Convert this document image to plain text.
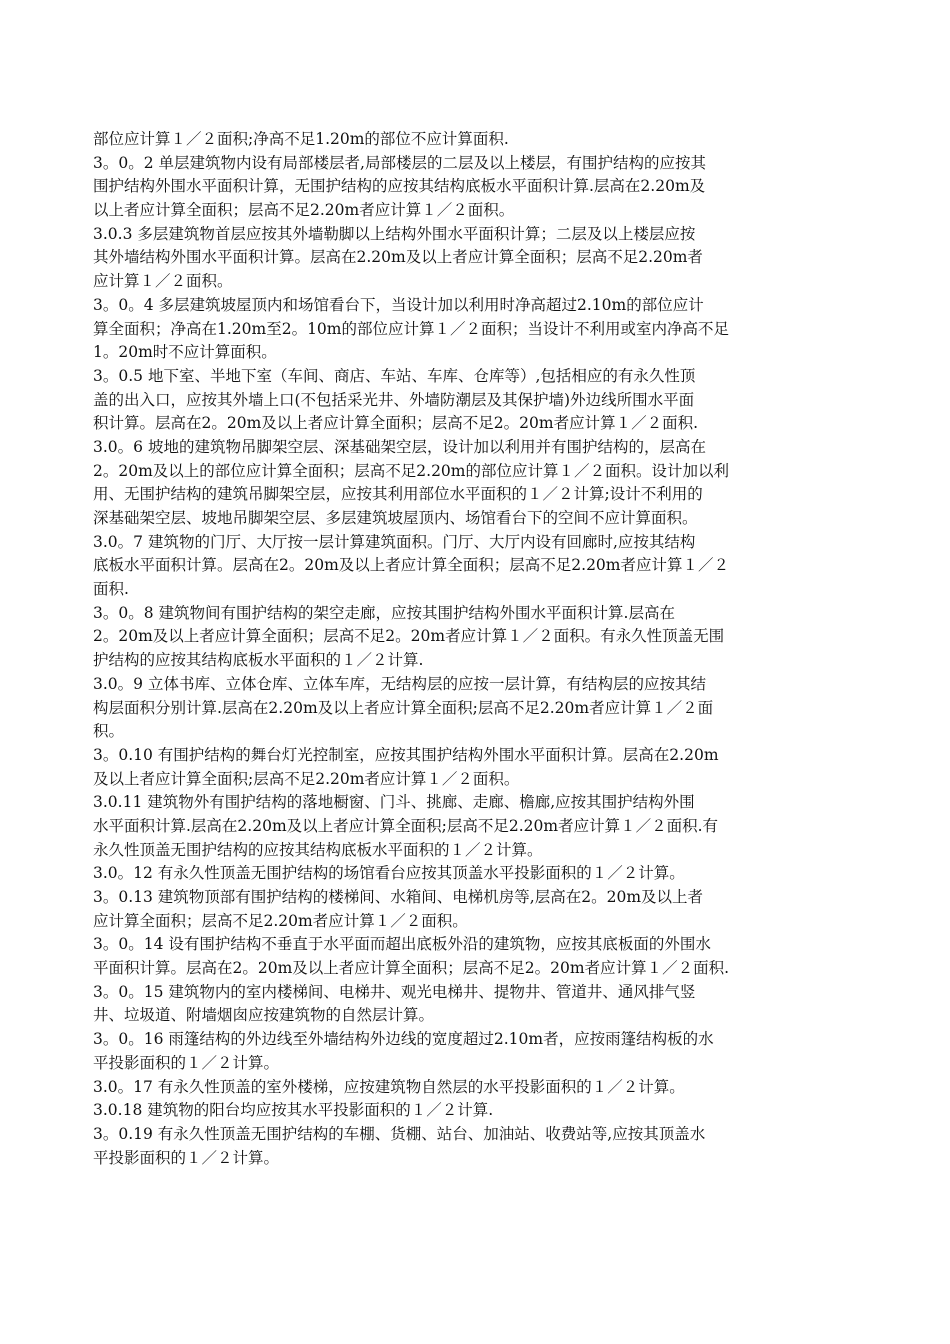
部位应计算１／２面积;净高不足1.20m的部位不应计算面积.
3。0。2 单层建筑物内设有局部楼层者,局部楼层的二层及以上楼层，有围护结构的应按其
围护结构外围水平面积计算，无围护结构的应按其结构底板水平面积计算.层高在2.20m及
以上者应计算全面积；层高不足2.20m者应计算１／２面积。
3.0.3 多层建筑物首层应按其外墙勒脚以上结构外围水平面积计算；二层及以上楼层应按
其外墙结构外围水平面积计算。层高在2.20m及以上者应计算全面积；层高不足2.20m者
应计算１／２面积。
3。0。4 多层建筑坡屋顶内和场馆看台下，当设计加以利用时净高超过2.10m的部位应计
算全面积；净高在1.20m至2。10m的部位应计算１／２面积；当设计不利用或室内净高不足
1。20m时不应计算面积。
3。0.5 地下室、半地下室（车间、商店、车站、车库、仓库等）,包括相应的有永久性顶
盖的出入口，应按其外墙上口(不包括采光井、外墙防潮层及其保护墙)外边线所围水平面
积计算。层高在2。20m及以上者应计算全面积；层高不足2。20m者应计算１／２面积.
3.0。6 坡地的建筑物吊脚架空层、深基础架空层，设计加以利用并有围护结构的，层高在
2。20m及以上的部位应计算全面积；层高不足2.20m的部位应计算１／２面积。设计加以利
用、无围护结构的建筑吊脚架空层，应按其利用部位水平面积的１／２计算;设计不利用的
深基础架空层、坡地吊脚架空层、多层建筑坡屋顶内、场馆看台下的空间不应计算面积。
3.0。7 建筑物的门厅、大厅按一层计算建筑面积。门厅、大厅内设有回廊时,应按其结构
底板水平面积计算。层高在2。20m及以上者应计算全面积；层高不足2.20m者应计算１／２
面积.
3。0。8 建筑物间有围护结构的架空走廊，应按其围护结构外围水平面积计算.层高在
2。20m及以上者应计算全面积；层高不足2。20m者应计算１／２面积。有永久性顶盖无围
护结构的应按其结构底板水平面积的１／２计算.
3.0。9 立体书库、立体仓库、立体车库，无结构层的应按一层计算，有结构层的应按其结
构层面积分别计算.层高在2.20m及以上者应计算全面积;层高不足2.20m者应计算１／２面
积。
3。0.10 有围护结构的舞台灯光控制室，应按其围护结构外围水平面积计算。层高在2.20m
及以上者应计算全面积;层高不足2.20m者应计算１／２面积。
3.0.11 建筑物外有围护结构的落地橱窗、门斗、挑廊、走廊、檐廊,应按其围护结构外围
水平面积计算.层高在2.20m及以上者应计算全面积;层高不足2.20m者应计算１／２面积.有
永久性顶盖无围护结构的应按其结构底板水平面积的１／２计算。
3.0。12 有永久性顶盖无围护结构的场馆看台应按其顶盖水平投影面积的１／２计算。
3。0.13 建筑物顶部有围护结构的楼梯间、水箱间、电梯机房等,层高在2。20m及以上者
应计算全面积；层高不足2.20m者应计算１／２面积。
3。0。14 设有围护结构不垂直于水平面而超出底板外沿的建筑物，应按其底板面的外围水
平面积计算。层高在2。20m及以上者应计算全面积；层高不足2。20m者应计算１／２面积.
3。0。15 建筑物内的室内楼梯间、电梯井、观光电梯井、提物井、管道井、通风排气竖
井、垃圾道、附墙烟囱应按建筑物的自然层计算。
3。0。16 雨篷结构的外边线至外墙结构外边线的宽度超过2.10m者，应按雨篷结构板的水
平投影面积的１／２计算。
3.0。17 有永久性顶盖的室外楼梯，应按建筑物自然层的水平投影面积的１／２计算。
3.0.18 建筑物的阳台均应按其水平投影面积的１／２计算.
3。0.19 有永久性顶盖无围护结构的车棚、货棚、站台、加油站、收费站等,应按其顶盖水
平投影面积的１／２计算。
